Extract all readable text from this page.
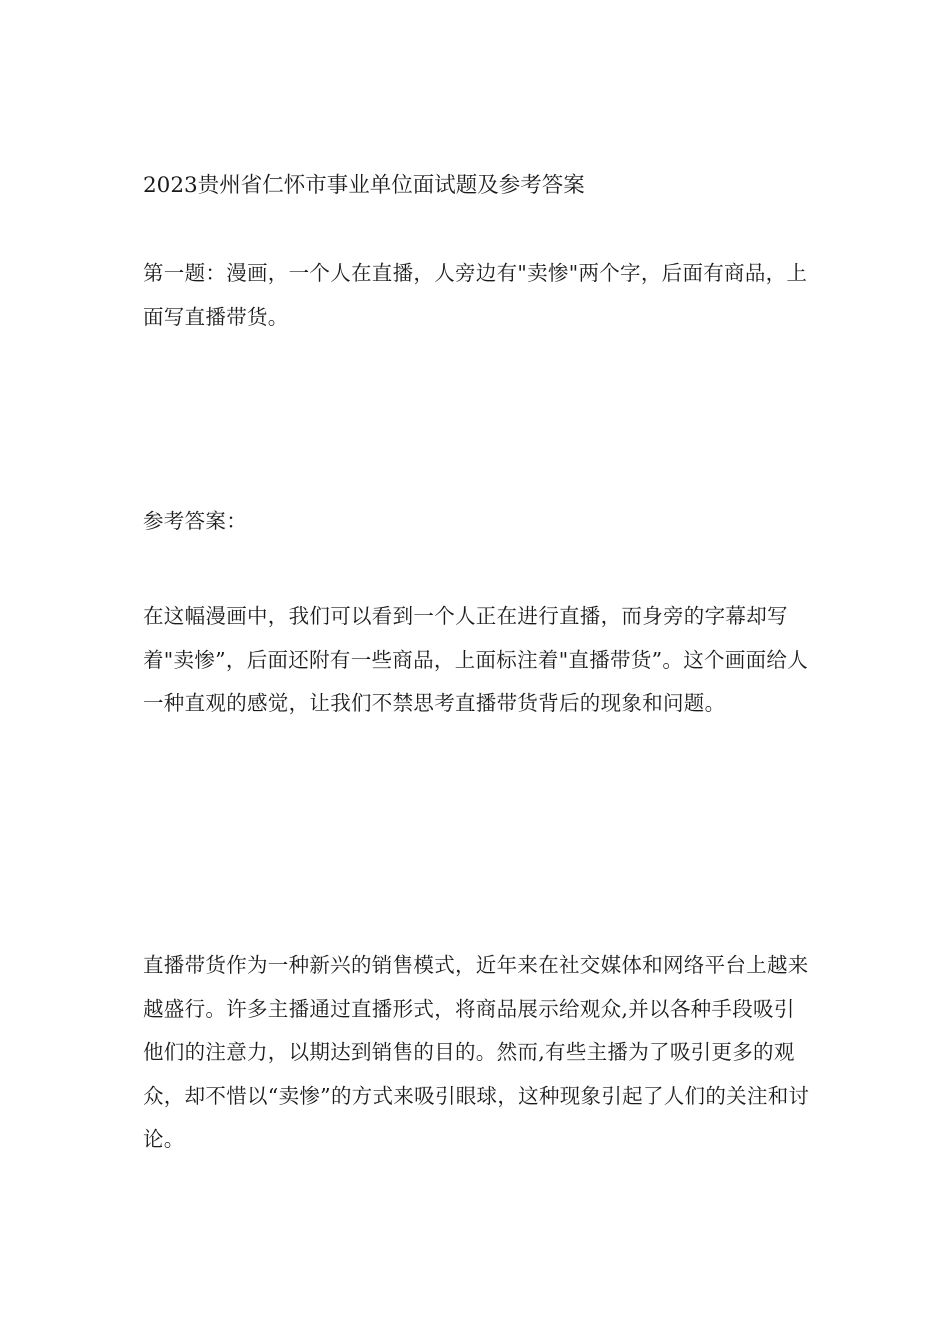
2023贵州省仁怀市事业单位面试题及参考答案

第一题：漫画，一个人在直播，人旁边有"卖惨"两个字，后面有商品，上面写直播带货。

参考答案：

在这幅漫画中，我们可以看到一个人正在进行直播，而身旁的字幕却写着"卖惨”，后面还附有一些商品，上面标注着"直播带货”。这个画面给人一种直观的感觉，让我们不禁思考直播带货背后的现象和问题。

直播带货作为一种新兴的销售模式，近年来在社交媒体和网络平台上越来越盛行。许多主播通过直播形式，将商品展示给观众,并以各种手段吸引他们的注意力，以期达到销售的目的。然而,有些主播为了吸引更多的观众，却不惜以“卖惨”的方式来吸引眼球，这种现象引起了人们的关注和讨论。
